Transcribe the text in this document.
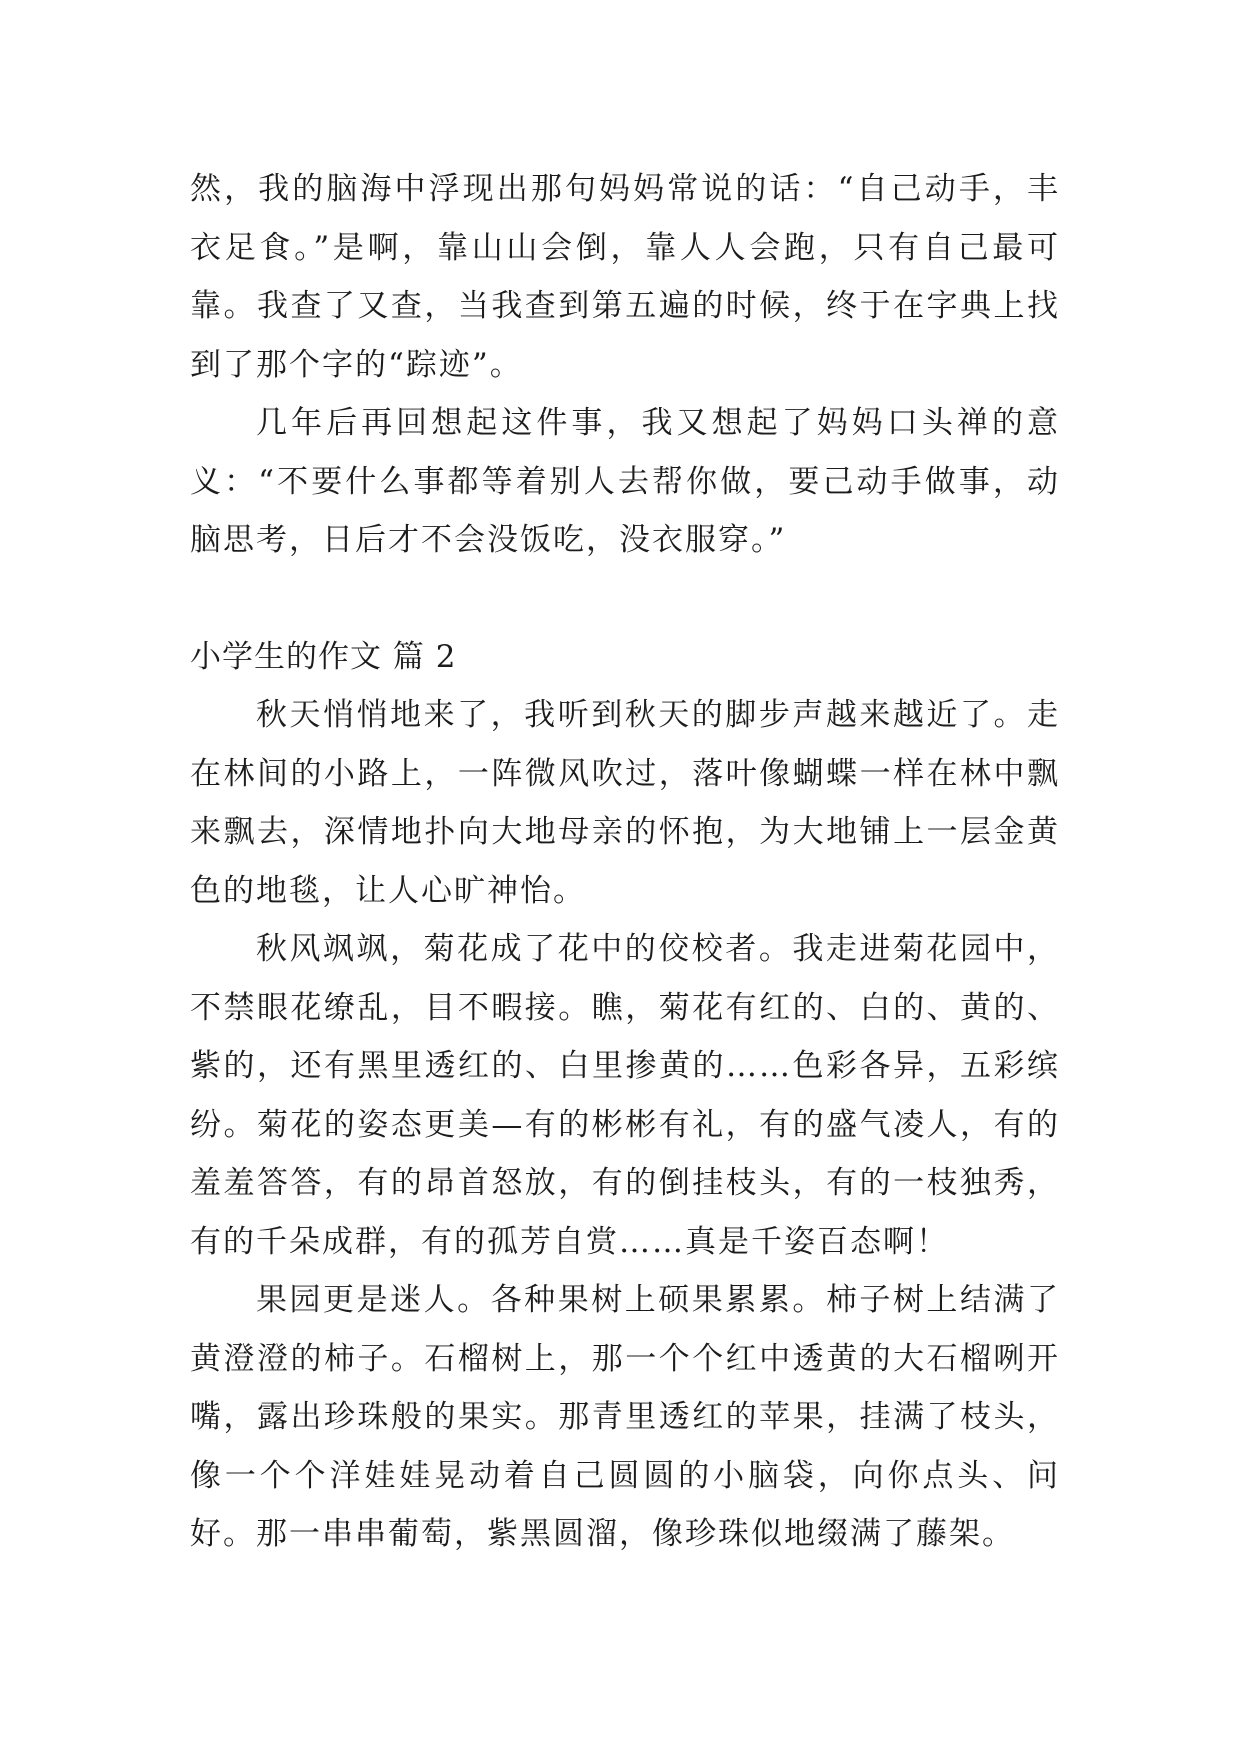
然，我的脑海中浮现出那句妈妈常说的话：“自己动手，丰衣足食。”是啊，靠山山会倒，靠人人会跑，只有自己最可靠。我查了又查，当我查到第五遍的时候，终于在字典上找到了那个字的“踪迹”。

几年后再回想起这件事，我又想起了妈妈口头禅的意义：“不要什么事都等着别人去帮你做，要己动手做事，动脑思考，日后才不会没饭吃，没衣服穿。”

小学生的作文 篇 2

秋天悄悄地来了，我听到秋天的脚步声越来越近了。走在林间的小路上，一阵微风吹过，落叶像蝴蝶一样在林中飘来飘去，深情地扑向大地母亲的怀抱，为大地铺上一层金黄色的地毯，让人心旷神怡。

秋风飒飒，菊花成了花中的佼校者。我走进菊花园中，不禁眼花缭乱，目不暇接。瞧，菊花有红的、白的、黄的、紫的，还有黑里透红的、白里掺黄的……色彩各异，五彩缤纷。菊花的姿态更美—有的彬彬有礼，有的盛气凌人，有的羞羞答答，有的昂首怒放，有的倒挂枝头，有的一枝独秀，有的千朵成群，有的孤芳自赏……真是千姿百态啊！

果园更是迷人。各种果树上硕果累累。柿子树上结满了黄澄澄的柿子。石榴树上，那一个个红中透黄的大石榴咧开嘴，露出珍珠般的果实。那青里透红的苹果，挂满了枝头，像一个个洋娃娃晃动着自己圆圆的小脑袋，向你点头、问好。那一串串葡萄，紫黑圆溜，像珍珠似地缀满了藤架。
